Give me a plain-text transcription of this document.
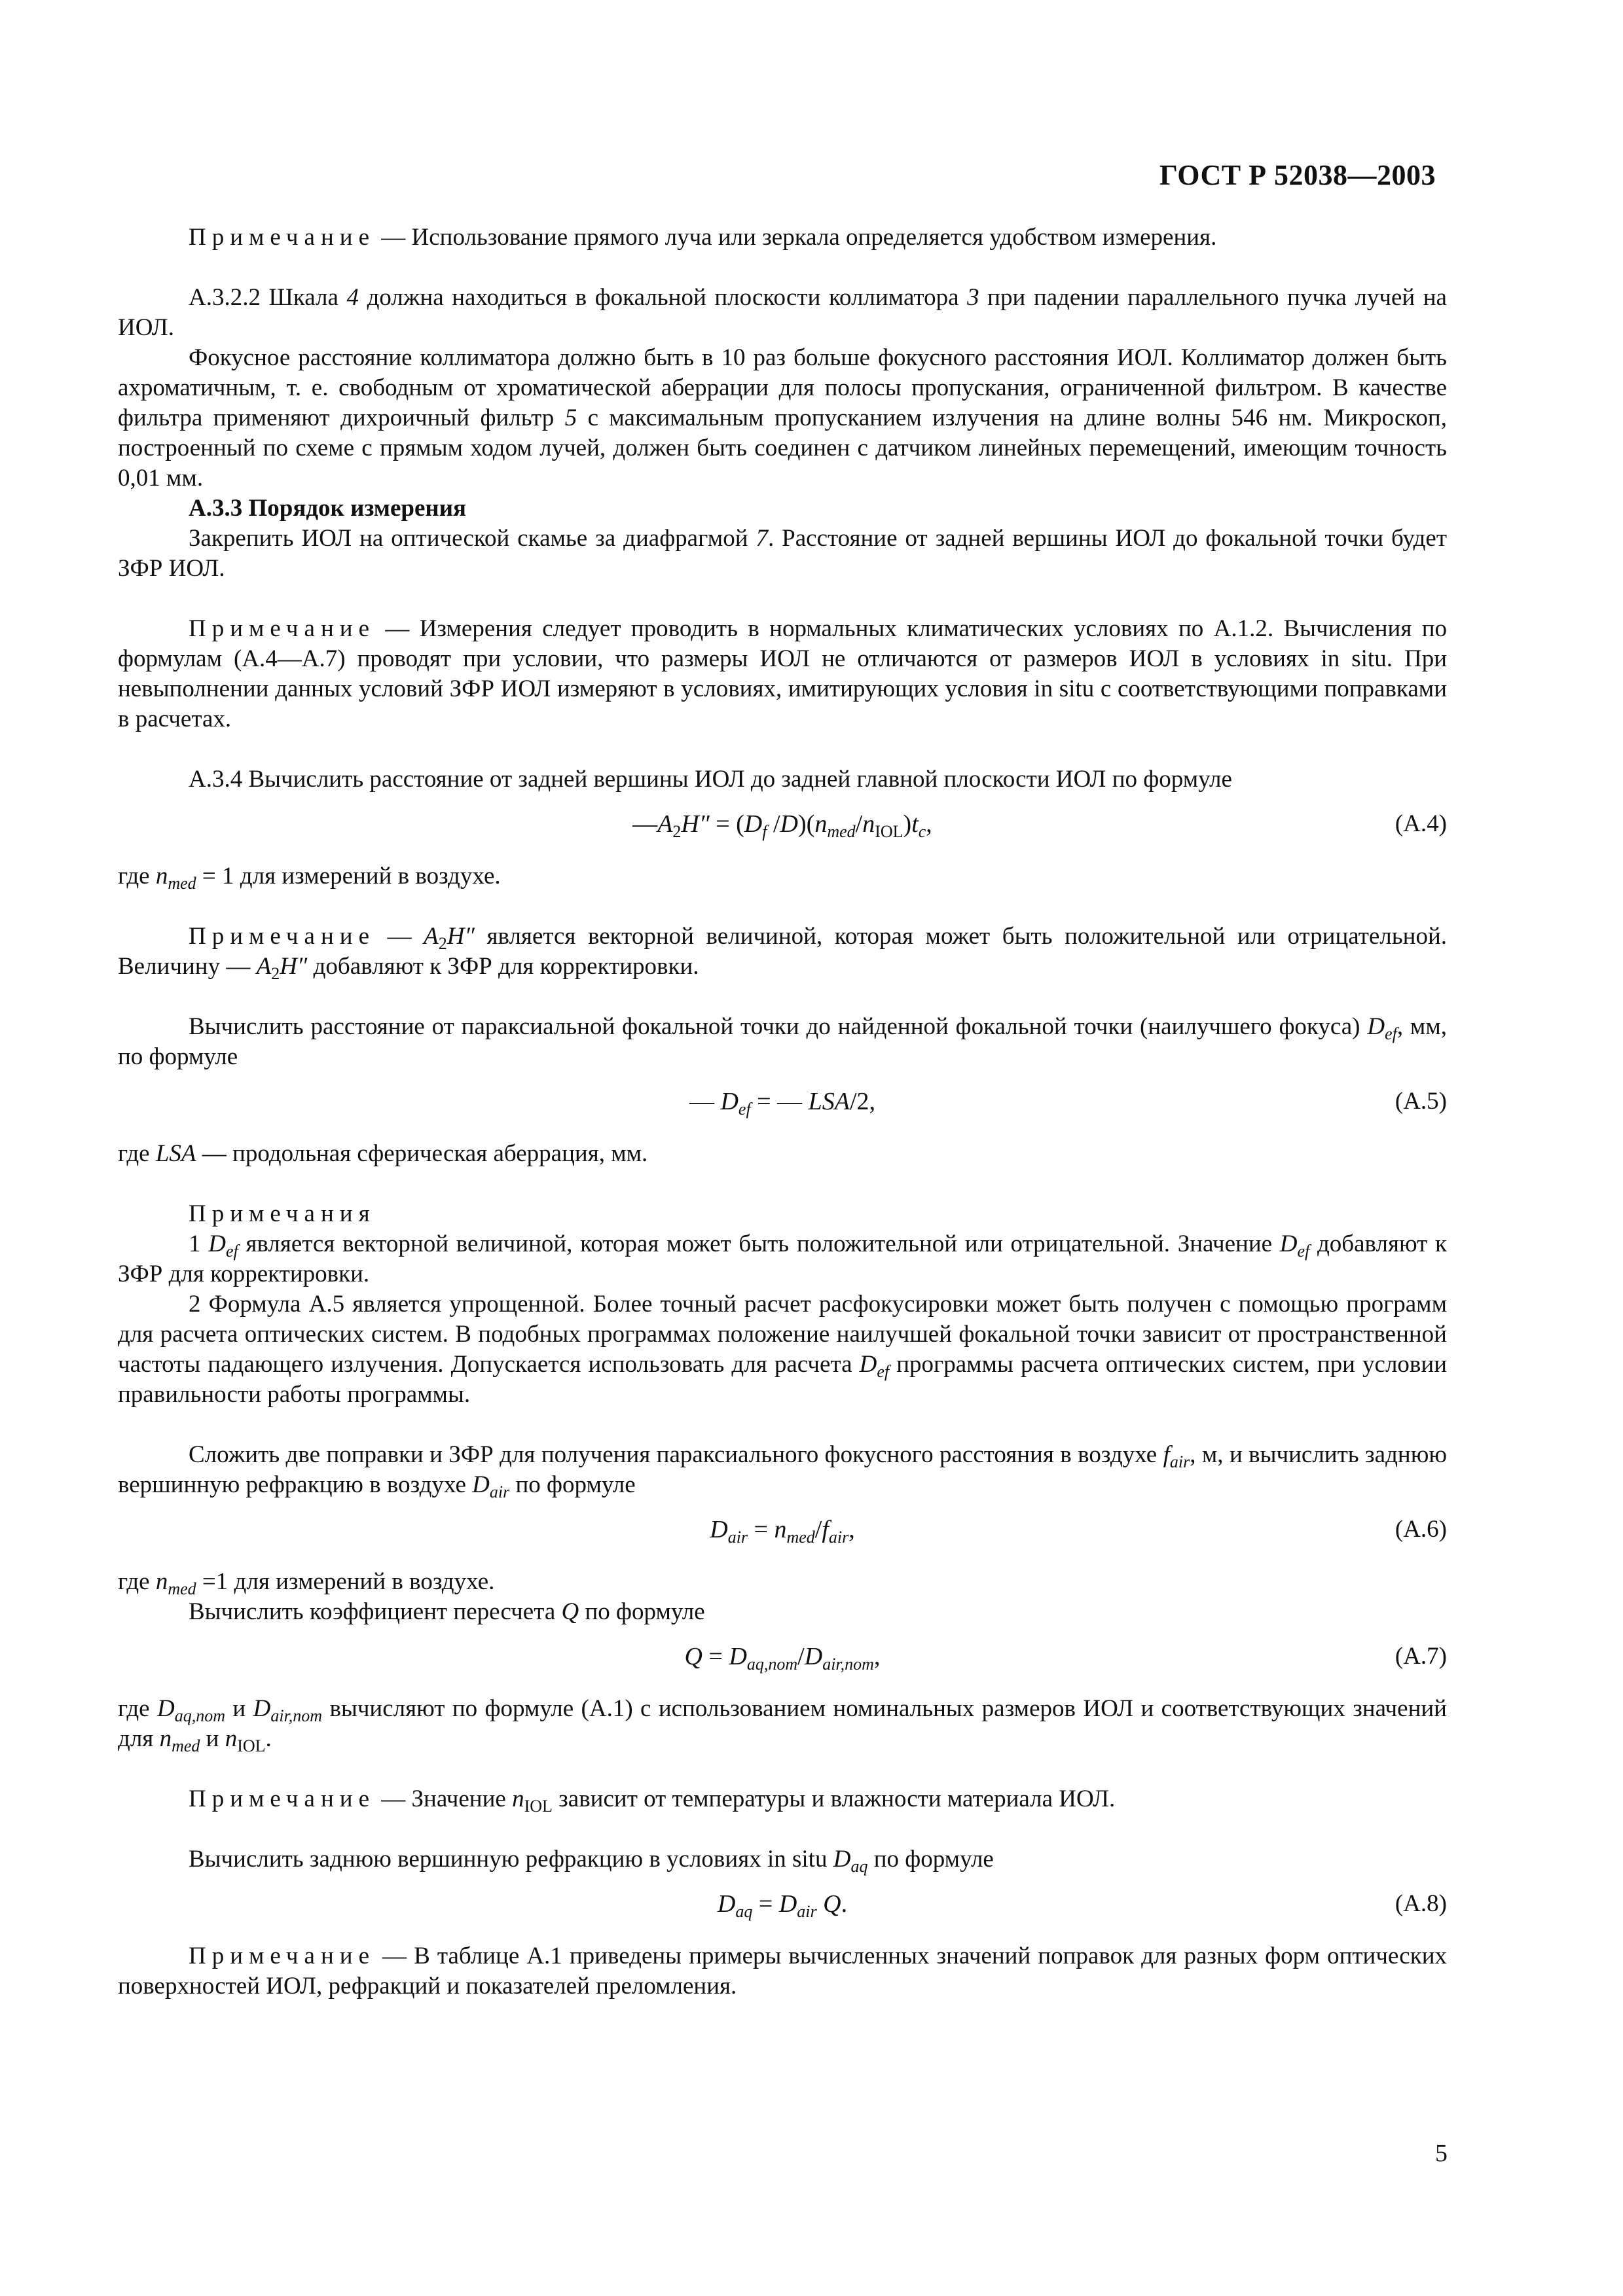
ГОСТ Р 52038—2003

Примечание — Использование прямого луча или зеркала определяется удобством измерения.

А.3.2.2 Шкала 4 должна находиться в фокальной плоскости коллиматора 3 при падении параллельного пучка лучей на ИОЛ.

Фокусное расстояние коллиматора должно быть в 10 раз больше фокусного расстояния ИОЛ. Коллиматор должен быть ахроматичным, т. е. свободным от хроматической аберрации для полосы пропускания, ограниченной фильтром. В качестве фильтра применяют дихроичный фильтр 5 с максимальным пропусканием излучения на длине волны 546 нм. Микроскоп, построенный по схеме с прямым ходом лучей, должен быть соединен с датчиком линейных перемещений, имеющим точность 0,01 мм.

А.3.3 Порядок измерения

Закрепить ИОЛ на оптической скамье за диафрагмой 7. Расстояние от задней вершины ИОЛ до фокальной точки будет ЗФР ИОЛ.

Примечание — Измерения следует проводить в нормальных климатических условиях по А.1.2. Вычисления по формулам (А.4—А.7) проводят при условии, что размеры ИОЛ не отличаются от размеров ИОЛ в условиях in situ. При невыполнении данных условий ЗФР ИОЛ измеряют в условиях, имитирующих условия in situ с соответствующими поправками в расчетах.

А.3.4 Вычислить расстояние от задней вершины ИОЛ до задней главной плоскости ИОЛ по формуле

$—A_2H'' = (D_f$ $/D)(n_{med}/n_{IOL})t_c$,	(А.4)

где $n_{med} = 1$ для измерений в воздухе.

Примечание — $A_2H''$ является векторной величиной, которая может быть положительной или отрицательной. Величину — $A_2H''$ добавляют к ЗФР для корректировки.

Вычислить расстояние от параксиальной фокальной точки до найденной фокальной точки (наилучшего фокуса) $D_{ef}$, мм, по формуле

— $D_{ef}$ = — LSA/2,	(А.5)

где LSA — продольная сферическая аберрация, мм.

Примечания

1 $D_{ef}$ является векторной величиной, которая может быть положительной или отрицательной. Значение $D_{ef}$ добавляют к ЗФР для корректировки.

2 Формула А.5 является упрощенной. Более точный расчет расфокусировки может быть получен с помощью программ для расчета оптических систем. В подобных программах положение наилучшей фокальной точки зависит от пространственной частоты падающего излучения. Допускается использовать для расчета $D_{ef}$ программы расчета оптических систем, при условии правильности работы программы.

Сложить две поправки и ЗФР для получения параксиального фокусного расстояния в воздухе $f_{air}$, м, и вычислить заднюю вершинную рефракцию в воздухе $D_{air}$ по формуле

$D_{air} = n_{med}/f_{air}$,	(А.6)

где $n_{med} =1$ для измерений в воздухе.

Вычислить коэффициент пересчета Q по формуле

$Q = D_{aq,nom}/D_{air,nom}$,	(А.7)

где $D_{aq,nom}$ и $D_{air,nom}$ вычисляют по формуле (А.1) с использованием номинальных размеров ИОЛ и соответствующих значений для $n_{med}$ и $n_{IOL}$.

Примечание — Значение $n_{IOL}$ зависит от температуры и влажности материала ИОЛ.

Вычислить заднюю вершинную рефракцию в условиях in situ $D_{aq}$ по формуле

$D_{aq} = D_{air}$ Q.	(А.8)

Примечание — В таблице А.1 приведены примеры вычисленных значений поправок для разных форм оптических поверхностей ИОЛ, рефракций и показателей преломления.

5
